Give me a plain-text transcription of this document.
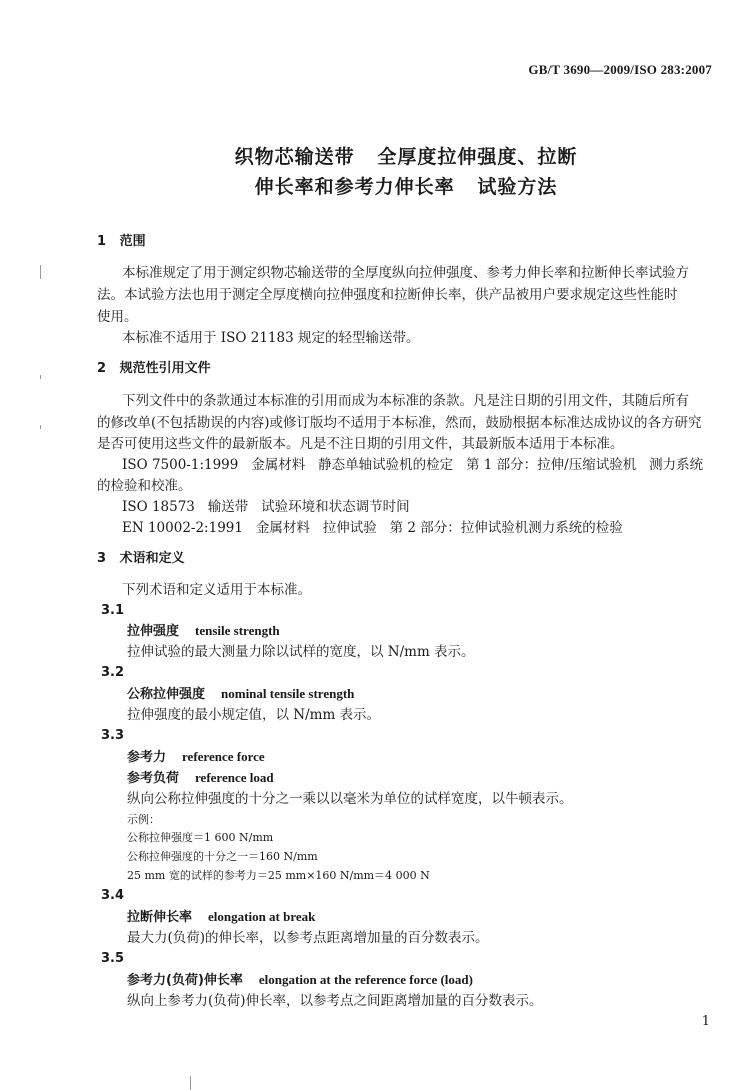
GB/T 3690—2009/ISO 283:2007
织物芯输送带   全厚度拉伸强度、拉断
伸长率和参考力伸长率   试验方法
1   范围
本标准规定了用于测定织物芯输送带的全厚度纵向拉伸强度、参考力伸长率和拉断伸长率试验方
法。本试验方法也用于测定全厚度横向拉伸强度和拉断伸长率，供产品被用户要求规定这些性能时
使用。
本标准不适用于 ISO 21183 规定的轻型输送带。
2   规范性引用文件
下列文件中的条款通过本标准的引用而成为本标准的条款。凡是注日期的引用文件，其随后所有
的修改单(不包括勘误的内容)或修订版均不适用于本标准，然而，鼓励根据本标准达成协议的各方研究
是否可使用这些文件的最新版本。凡是不注日期的引用文件，其最新版本适用于本标准。
ISO 7500-1:1999   金属材料   静态单轴试验机的检定   第 1 部分：拉伸/压缩试验机   测力系统
的检验和校准。
ISO 18573   输送带   试验环境和状态调节时间
EN 10002-2:1991   金属材料   拉伸试验   第 2 部分：拉伸试验机测力系统的检验
3   术语和定义
下列术语和定义适用于本标准。
3.1
拉伸强度 tensile strength
拉伸试验的最大测量力除以试样的宽度，以 N/mm 表示。
3.2
公称拉伸强度 nominal tensile strength
拉伸强度的最小规定值，以 N/mm 表示。
3.3
参考力 reference force
参考负荷 reference load
纵向公称拉伸强度的十分之一乘以以毫米为单位的试样宽度，以牛顿表示。
示例：
公称拉伸强度＝1 600 N/mm
公称拉伸强度的十分之一＝160 N/mm
25 mm 宽的试样的参考力＝25 mm×160 N/mm＝4 000 N
3.4
拉断伸长率 elongation at break
最大力(负荷)的伸长率，以参考点距离增加量的百分数表示。
3.5
参考力(负荷)伸长率 elongation at the reference force (load)
纵向上参考力(负荷)伸长率，以参考点之间距离增加量的百分数表示。
1
